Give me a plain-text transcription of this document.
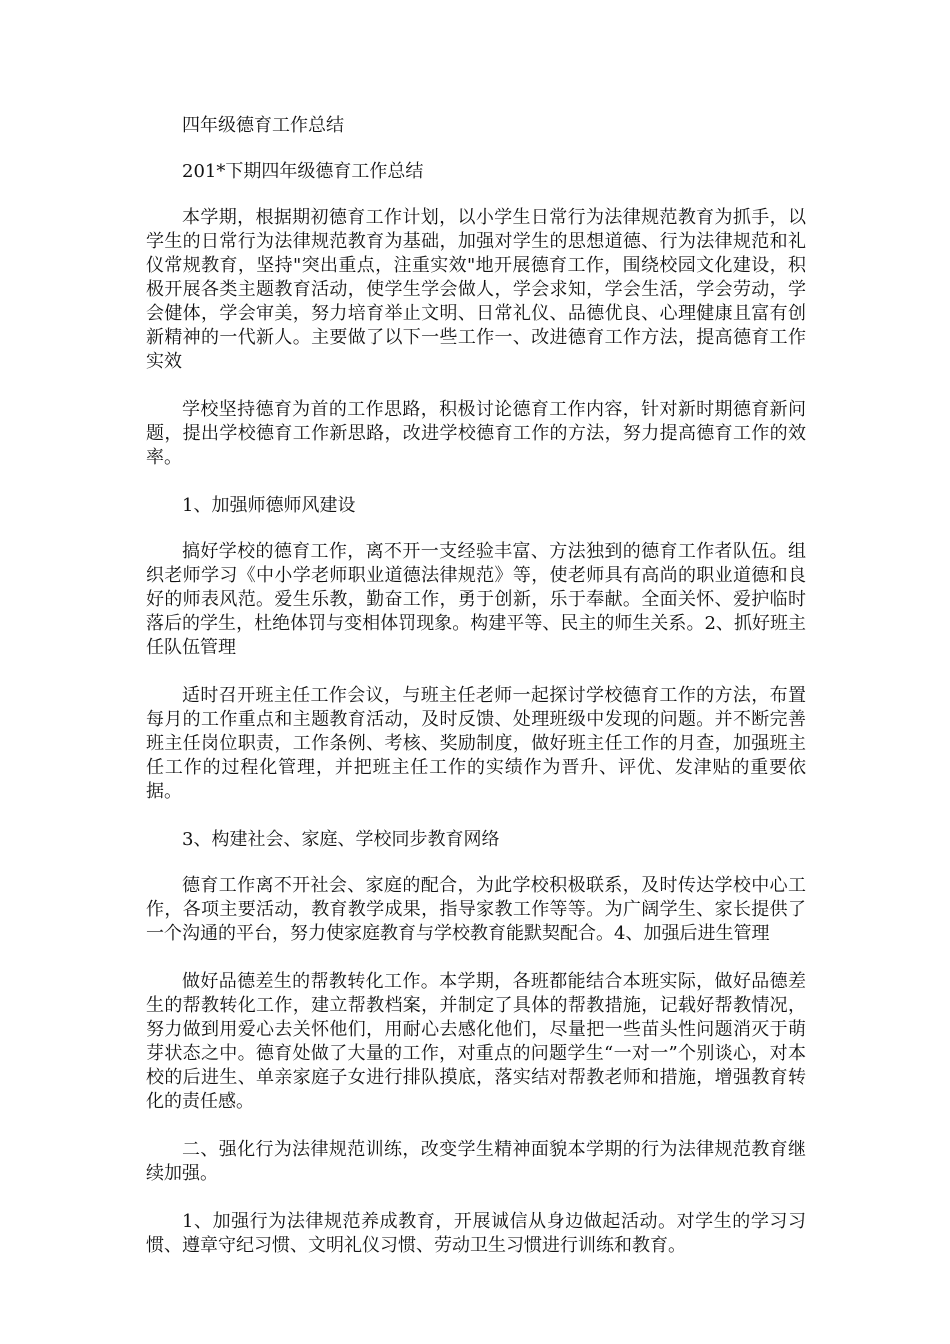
四年级德育工作总结

201*下期四年级德育工作总结

本学期，根据期初德育工作计划，以小学生日常行为法律规范教育为抓手，以学生的日常行为法律规范教育为基础，加强对学生的思想道德、行为法律规范和礼仪常规教育，坚持"突出重点，注重实效"地开展德育工作，围绕校园文化建设，积极开展各类主题教育活动，使学生学会做人，学会求知，学会生活，学会劳动，学会健体，学会审美，努力培育举止文明、日常礼仪、品德优良、心理健康且富有创新精神的一代新人。主要做了以下一些工作一、改进德育工作方法，提高德育工作实效

学校坚持德育为首的工作思路，积极讨论德育工作内容，针对新时期德育新问题，提出学校德育工作新思路，改进学校德育工作的方法，努力提高德育工作的效率。

1、加强师德师风建设

搞好学校的德育工作，离不开一支经验丰富、方法独到的德育工作者队伍。组织老师学习《中小学老师职业道德法律规范》等，使老师具有高尚的职业道德和良好的师表风范。爱生乐教，勤奋工作，勇于创新，乐于奉献。全面关怀、爱护临时落后的学生，杜绝体罚与变相体罚现象。构建平等、民主的师生关系。2、抓好班主任队伍管理

适时召开班主任工作会议，与班主任老师一起探讨学校德育工作的方法，布置每月的工作重点和主题教育活动，及时反馈、处理班级中发现的问题。并不断完善班主任岗位职责，工作条例、考核、奖励制度，做好班主任工作的月查，加强班主任工作的过程化管理，并把班主任工作的实绩作为晋升、评优、发津贴的重要依据。

3、构建社会、家庭、学校同步教育网络

德育工作离不开社会、家庭的配合，为此学校积极联系，及时传达学校中心工作，各项主要活动，教育教学成果，指导家教工作等等。为广阔学生、家长提供了一个沟通的平台，努力使家庭教育与学校教育能默契配合。4、加强后进生管理

做好品德差生的帮教转化工作。本学期，各班都能结合本班实际，做好品德差生的帮教转化工作，建立帮教档案，并制定了具体的帮教措施，记载好帮教情况，努力做到用爱心去关怀他们，用耐心去感化他们，尽量把一些苗头性问题消灭于萌芽状态之中。德育处做了大量的工作，对重点的问题学生“一对一”个别谈心，对本校的后进生、单亲家庭子女进行排队摸底，落实结对帮教老师和措施，增强教育转化的责任感。

二、强化行为法律规范训练，改变学生精神面貌本学期的行为法律规范教育继续加强。

1、加强行为法律规范养成教育，开展诚信从身边做起活动。对学生的学习习惯、遵章守纪习惯、文明礼仪习惯、劳动卫生习惯进行训练和教育。
